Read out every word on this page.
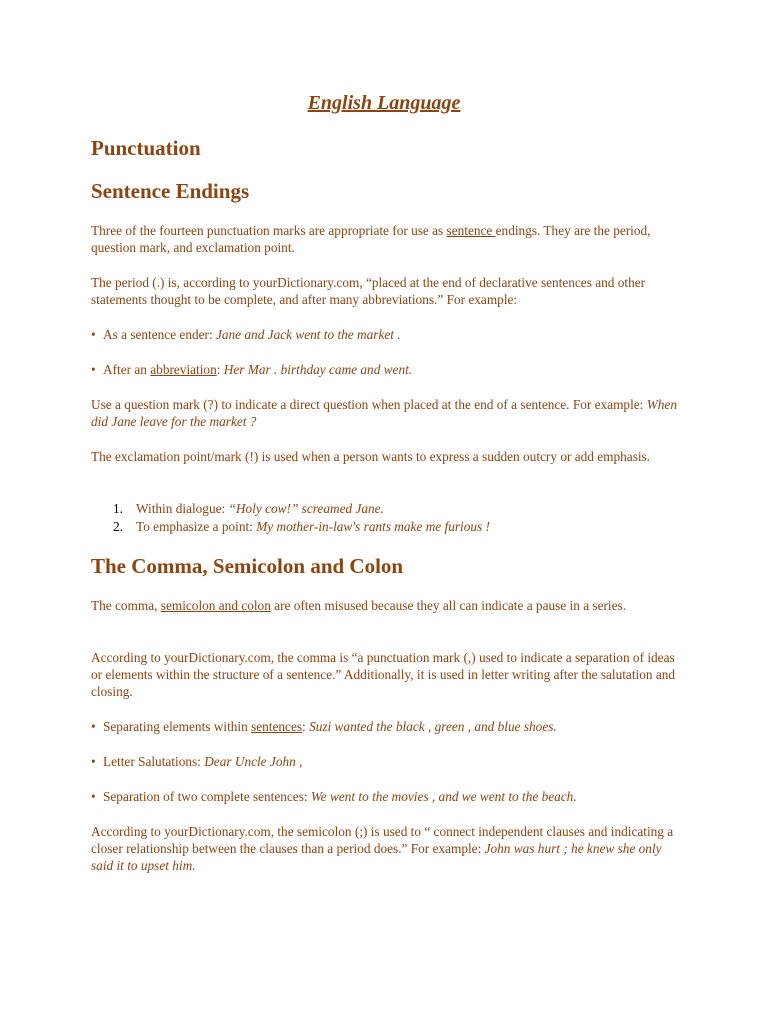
English Language
Punctuation
Sentence Endings

Three of the fourteen punctuation marks are appropriate for use as sentence endings. They are the period, question mark, and exclamation point.

The period (.) is, according to yourDictionary.com, “placed at the end of declarative sentences and other statements thought to be complete, and after many abbreviations.” For example:

• As a sentence ender: Jane and Jack went to the market .

• After an abbreviation: Her Mar . birthday came and went.

Use a question mark (?) to indicate a direct question when placed at the end of a sentence. For example: When did Jane leave for the market ?

The exclamation point/mark (!) is used when a person wants to express a sudden outcry or add emphasis.

1. Within dialogue: “Holy cow!” screamed Jane.

2. To emphasize a point: My mother-in-law's rants make me furious !

The Comma, Semicolon and Colon

The comma, semicolon and colon are often misused because they all can indicate a pause in a series.

According to yourDictionary.com, the comma is “a punctuation mark (,) used to indicate a separation of ideas or elements within the structure of a sentence.” Additionally, it is used in letter writing after the salutation and closing.

• Separating elements within sentences: Suzi wanted the black , green , and blue shoes.

• Letter Salutations: Dear Uncle John ,

• Separation of two complete sentences: We went to the movies , and we went to the beach.

According to yourDictionary.com, the semicolon (;) is used to “ connect independent clauses and indicating a closer relationship between the clauses than a period does.” For example: John was hurt ; he knew she only said it to upset him.
